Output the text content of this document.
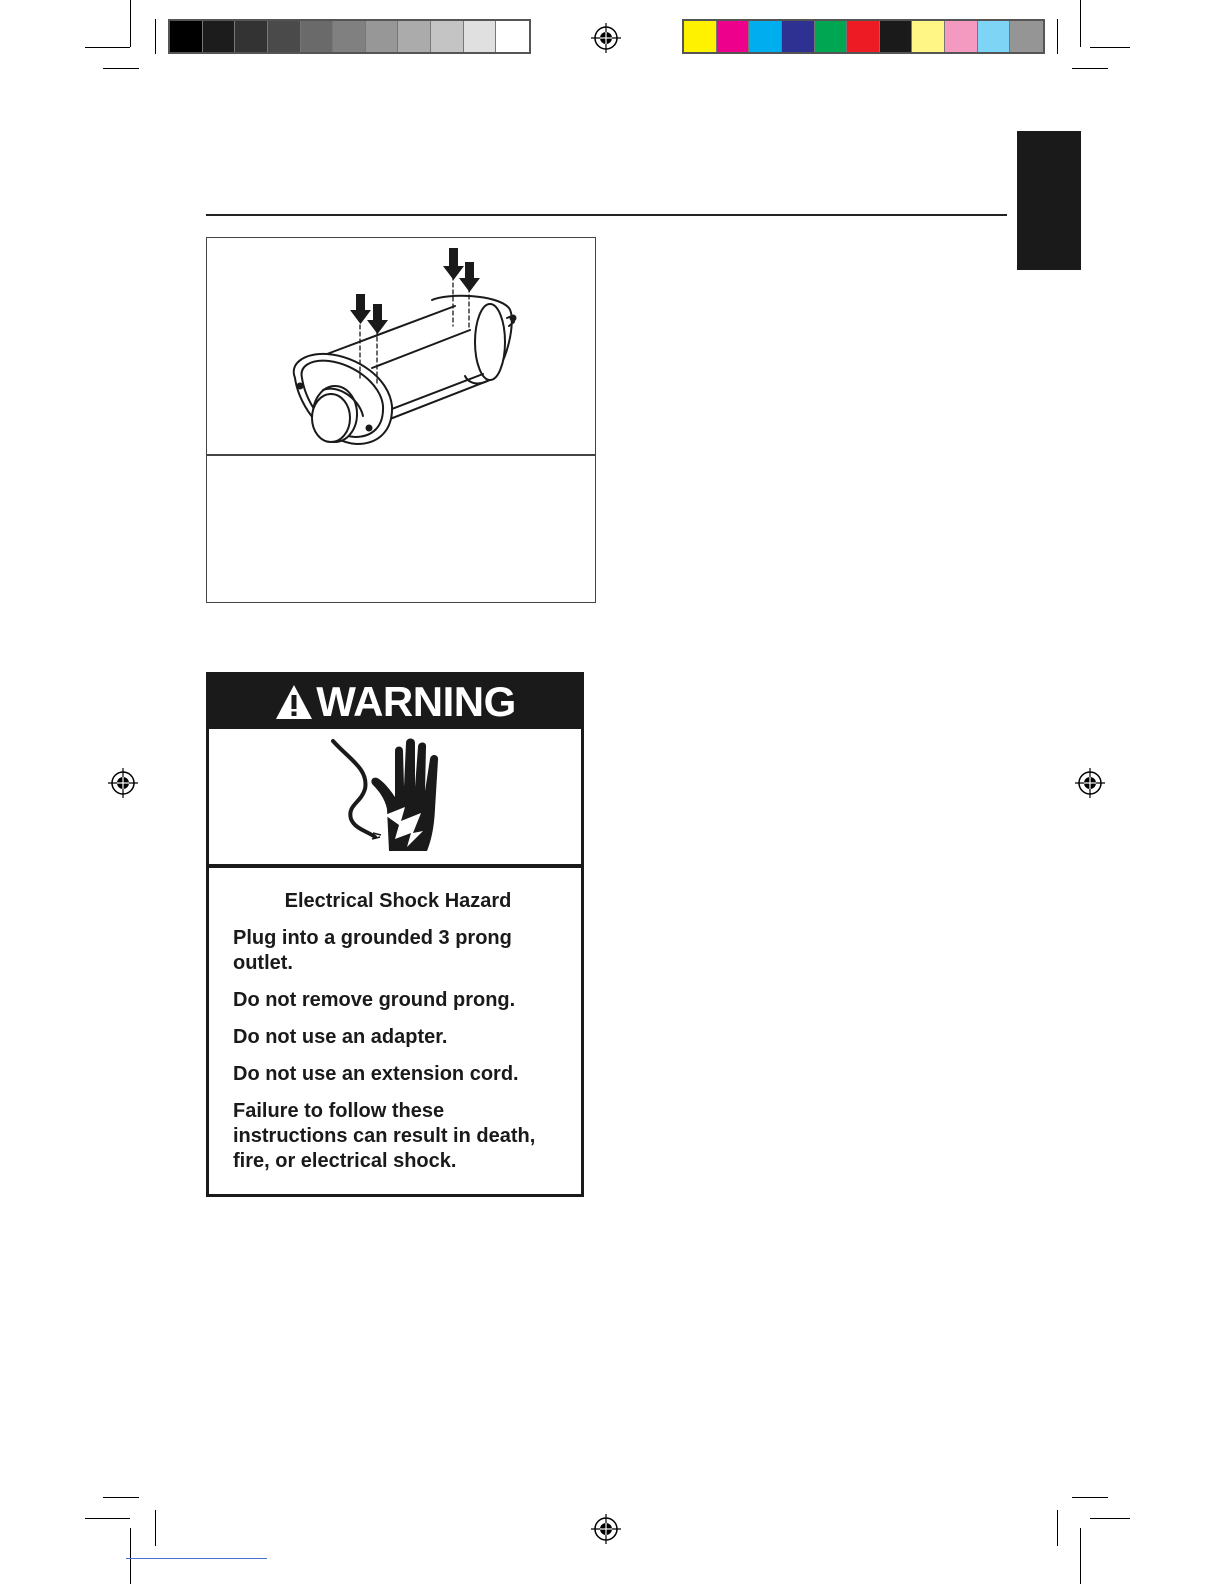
WARNING

Electrical Shock Hazard

Plug into a grounded 3 prong outlet.

Do not remove ground prong.

Do not use an adapter.

Do not use an extension cord.

Failure to follow these instructions can result in death, fire, or electrical shock.
